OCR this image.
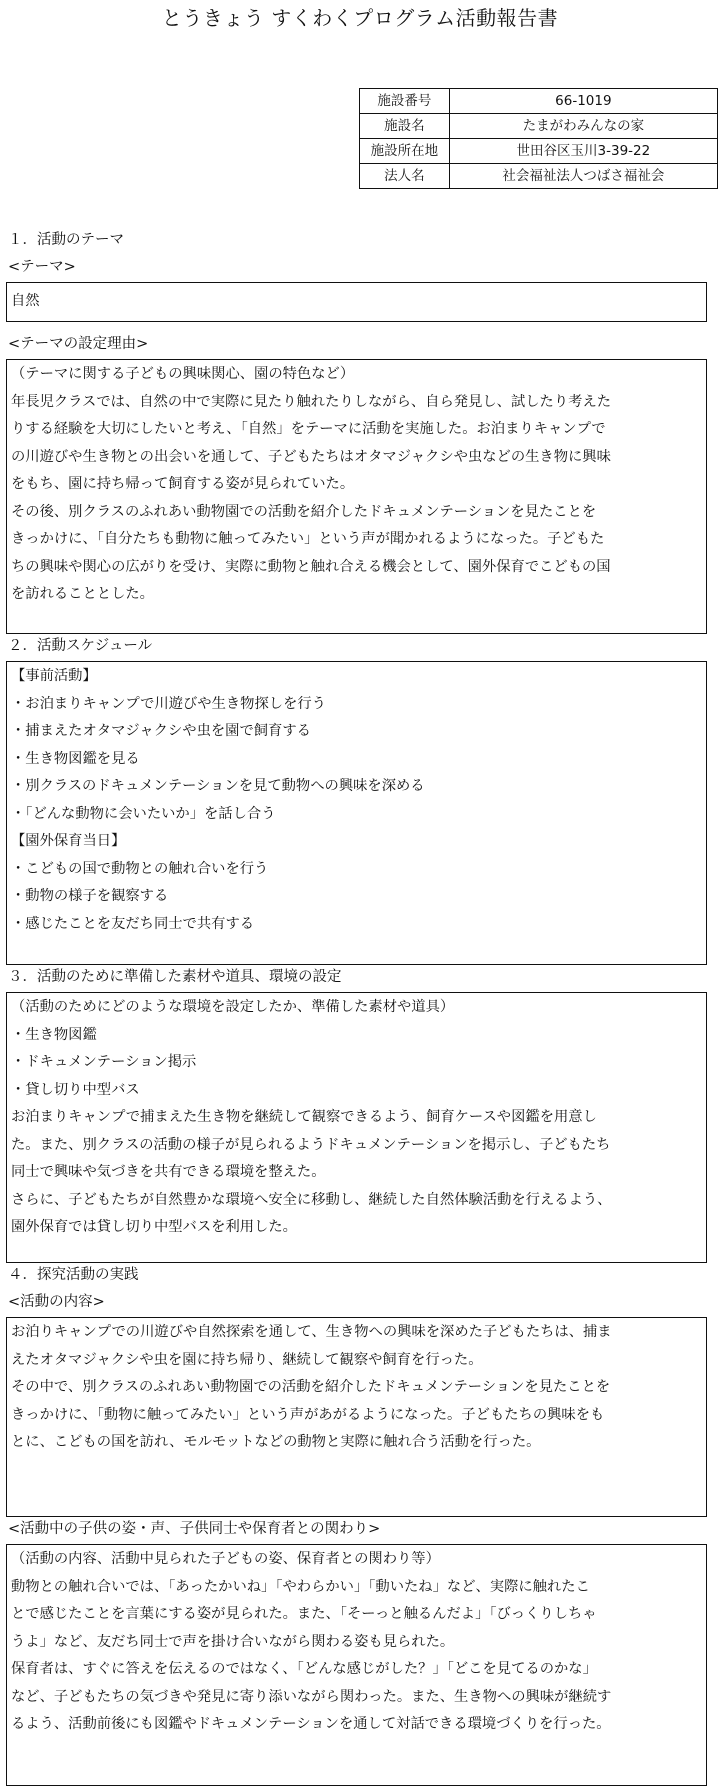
とうきょう すくわくプログラム活動報告書
施設番号	66-1019
施設名	たまがわみんなの家
施設所在地	世田谷区玉川3-39-22
法人名	社会福祉法人つばさ福祉会
１．活動のテーマ
<テーマ>
自然
<テーマの設定理由>
（テーマに関する子どもの興味関心、園の特色など）
年長児クラスでは、自然の中で実際に見たり触れたりしながら、自ら発見し、試したり考えた
りする経験を大切にしたいと考え、「自然」をテーマに活動を実施した。お泊まりキャンプで
の川遊びや生き物との出会いを通して、子どもたちはオタマジャクシや虫などの生き物に興味
をもち、園に持ち帰って飼育する姿が見られていた。
その後、別クラスのふれあい動物園での活動を紹介したドキュメンテーションを見たことを
きっかけに、「自分たちも動物に触ってみたい」という声が聞かれるようになった。子どもた
ちの興味や関心の広がりを受け、実際に動物と触れ合える機会として、園外保育でこどもの国
を訪れることとした。
２．活動スケジュール
【事前活動】
・お泊まりキャンプで川遊びや生き物探しを行う
・捕まえたオタマジャクシや虫を園で飼育する
・生き物図鑑を見る
・別クラスのドキュメンテーションを見て動物への興味を深める
・「どんな動物に会いたいか」を話し合う
【園外保育当日】
・こどもの国で動物との触れ合いを行う
・動物の様子を観察する
・感じたことを友だち同士で共有する
３．活動のために準備した素材や道具、環境の設定
（活動のためにどのような環境を設定したか、準備した素材や道具）
・生き物図鑑
・ドキュメンテーション掲示
・貸し切り中型バス
お泊まりキャンプで捕まえた生き物を継続して観察できるよう、飼育ケースや図鑑を用意し
た。また、別クラスの活動の様子が見られるようドキュメンテーションを掲示し、子どもたち
同士で興味や気づきを共有できる環境を整えた。
さらに、子どもたちが自然豊かな環境へ安全に移動し、継続した自然体験活動を行えるよう、
園外保育では貸し切り中型バスを利用した。
４．探究活動の実践
<活動の内容>
お泊りキャンプでの川遊びや自然探索を通して、生き物への興味を深めた子どもたちは、捕ま
えたオタマジャクシや虫を園に持ち帰り、継続して観察や飼育を行った。
その中で、別クラスのふれあい動物園での活動を紹介したドキュメンテーションを見たことを
きっかけに、「動物に触ってみたい」という声があがるようになった。子どもたちの興味をも
とに、こどもの国を訪れ、モルモットなどの動物と実際に触れ合う活動を行った。
<活動中の子供の姿・声、子供同士や保育者との関わり>
（活動の内容、活動中見られた子どもの姿、保育者との関わり等）
動物との触れ合いでは、「あったかいね」「やわらかい」「動いたね」など、実際に触れたこ
とで感じたことを言葉にする姿が見られた。また、「そーっと触るんだよ」「びっくりしちゃ
うよ」など、友だち同士で声を掛け合いながら関わる姿も見られた。
保育者は、すぐに答えを伝えるのではなく、「どんな感じがした？」「どこを見てるのかな」
など、子どもたちの気づきや発見に寄り添いながら関わった。また、生き物への興味が継続す
るよう、活動前後にも図鑑やドキュメンテーションを通して対話できる環境づくりを行った。
